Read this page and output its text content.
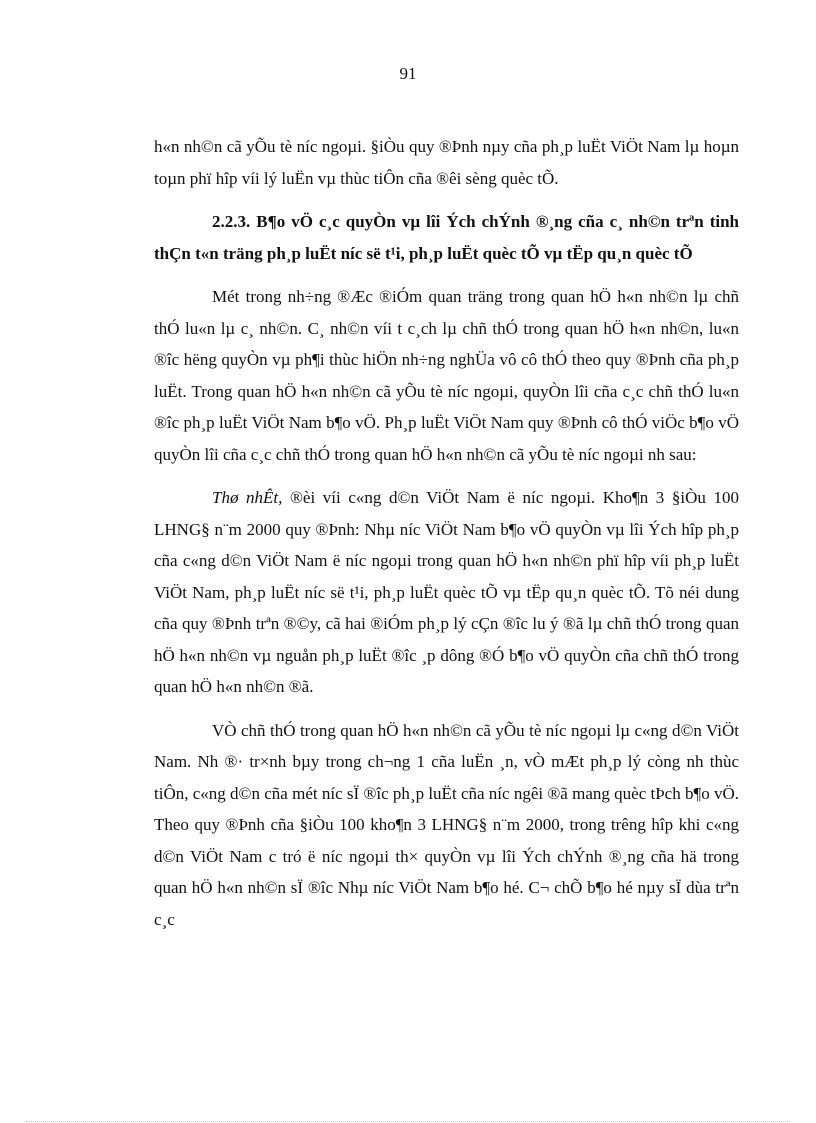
91

h«n nh©n cã yÕu tè níc ngoµi. §iÒu quy ®Þnh nµy cña ph¸p luËt ViÖt Nam lµ hoµn toµn phï hîp víi lý luËn vµ thùc tiÔn cña ®êi sèng quèc tÕ.

2.2.3. B¶o vÖ c¸c quyÒn vµ lîi Ých chÝnh ®¸ng cña c¸ nh©n trªn tinh thÇn t«n träng ph¸p luËt níc së t¹i, ph¸p luËt quèc tÕ vµ tËp qu¸n quèc tÕ

Mét trong nh÷ng ®Æc ®iÓm quan träng trong quan hÖ h«n nh©n lµ chñ thÓ lu«n lµ c¸ nh©n. C¸ nh©n víi t c¸ch lµ chñ thÓ trong quan hÖ h«n nh©n, lu«n ®îc hëng quyÒn vµ ph¶i thùc hiÖn nh÷ng nghÜa vô cô thÓ theo quy ®Þnh cña ph¸p luËt. Trong quan hÖ h«n nh©n cã yÕu tè níc ngoµi, quyÒn lîi cña c¸c chñ thÓ lu«n ®îc ph¸p luËt ViÖt Nam b¶o vÖ. Ph¸p luËt ViÖt Nam quy ®Þnh cô thÓ viÖc b¶o vÖ quyÒn lîi cña c¸c chñ thÓ trong quan hÖ h«n nh©n cã yÕu tè níc ngoµi nh sau:

Thø nhÊt, ®èi víi c«ng d©n ViÖt Nam ë níc ngoµi. Kho¶n 3 §iÒu 100 LHNG§ n¨m 2000 quy ®Þnh: Nhµ níc ViÖt Nam b¶o vÖ quyÒn vµ lîi Ých hîp ph¸p cña c«ng d©n ViÖt Nam ë níc ngoµi trong quan hÖ h«n nh©n phï hîp víi ph¸p luËt ViÖt Nam, ph¸p luËt níc së t¹i, ph¸p luËt quèc tÕ vµ tËp qu¸n quèc tÕ. Tõ néi dung cña quy ®Þnh trªn ®©y, cã hai ®iÓm ph¸p lý cÇn ®îc lu ý ®ã lµ chñ thÓ trong quan hÖ h«n nh©n vµ nguån ph¸p luËt ®îc ¸p dông ®Ó b¶o vÖ quyÒn cña chñ thÓ trong quan hÖ h«n nh©n ®ã.

VÒ chñ thÓ trong quan hÖ h«n nh©n cã yÕu tè níc ngoµi lµ c«ng d©n ViÖt Nam. Nh ®· tr×nh bµy trong ch¬ng 1 cña luËn ¸n, vÒ mÆt ph¸p lý còng nh thùc tiÔn, c«ng d©n cña mét níc sÏ ®îc ph¸p luËt cña níc ngêi ®ã mang quèc tÞch b¶o vÖ. Theo quy ®Þnh cña §iÒu 100 kho¶n 3 LHNG§ n¨m 2000, trong trêng hîp khi c«ng d©n ViÖt Nam c tró ë níc ngoµi th× quyÒn vµ lîi Ých chÝnh ®¸ng cña hä trong quan hÖ h«n nh©n sÏ ®îc Nhµ níc ViÖt Nam b¶o hé. C¬ chÕ b¶o hé nµy sÏ dùa trªn c¸c
